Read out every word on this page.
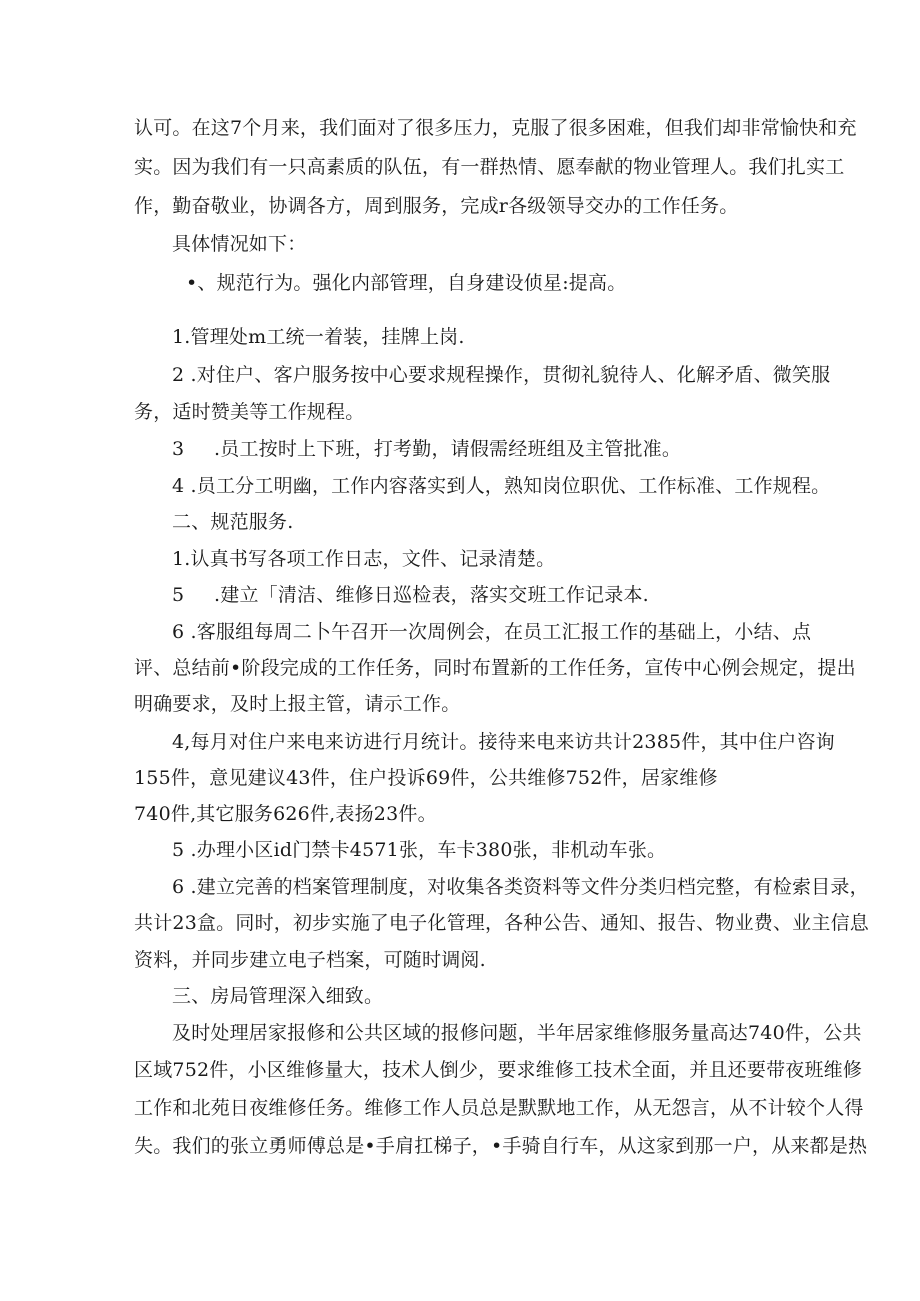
认可。在这7个月来，我们面对了很多压力，克服了很多困难，但我们却非常愉快和充
实。因为我们有一只高素质的队伍，有一群热情、愿奉献的物业管理人。我们扎实工
作，勤奋敬业，协调各方，周到服务，完成r各级领导交办的工作任务。
具体情况如下：
•、规范行为。强化内部管理，自身建设侦星:提高。
1.管理处m工统一着装，挂牌上岗.
2 .对住户、客户服务按中心要求规程操作，贯彻礼貌待人、化解矛盾、微笑服
务，适时赞美等工作规程。
3 .员工按时上下班，打考勤，请假需经班组及主管批准。
4 .员工分工明幽，工作内容落实到人，熟知岗位职优、工作标准、工作规程。
二、规范服务.
1.认真书写各项工作日志，文件、记录清楚。
5 .建立「清洁、维修日巡检表，落实交班工作记录本.
6 .客服组每周二卜午召开一次周例会，在员工汇报工作的基础上，小结、点
评、总结前•阶段完成的工作任务，同时布置新的工作任务，宣传中心例会规定，提出
明确要求，及时上报主管，请示工作。
4,每月对住户来电来访进行月统计。接待来电来访共计2385件，其中住户咨询
155件，意见建议43件，住户投诉69件，公共维修752件，居家维修
740件,其它服务626件,表扬23件。
5 .办理小区id门禁卡4571张，车卡380张，非机动车张。
6 .建立完善的档案管理制度，对收集各类资料等文件分类归档完整，有检索目录，
共计23盒。同时，初步实施了电子化管理，各种公告、通知、报告、物业费、业主信息
资料，并同步建立电子档案，可随时调阅.
三、房局管理深入细致。
及时处理居家报修和公共区域的报修问题，半年居家维修服务量高达740件，公共
区域752件，小区维修量大，技术人倒少，要求维修工技术全面，并且还要带夜班维修
工作和北苑日夜维修任务。维修工作人员总是默默地工作，从无怨言，从不计较个人得
失。我们的张立勇师傅总是•手肩扛梯子，•手骑自行车，从这家到那一户，从来都是热
